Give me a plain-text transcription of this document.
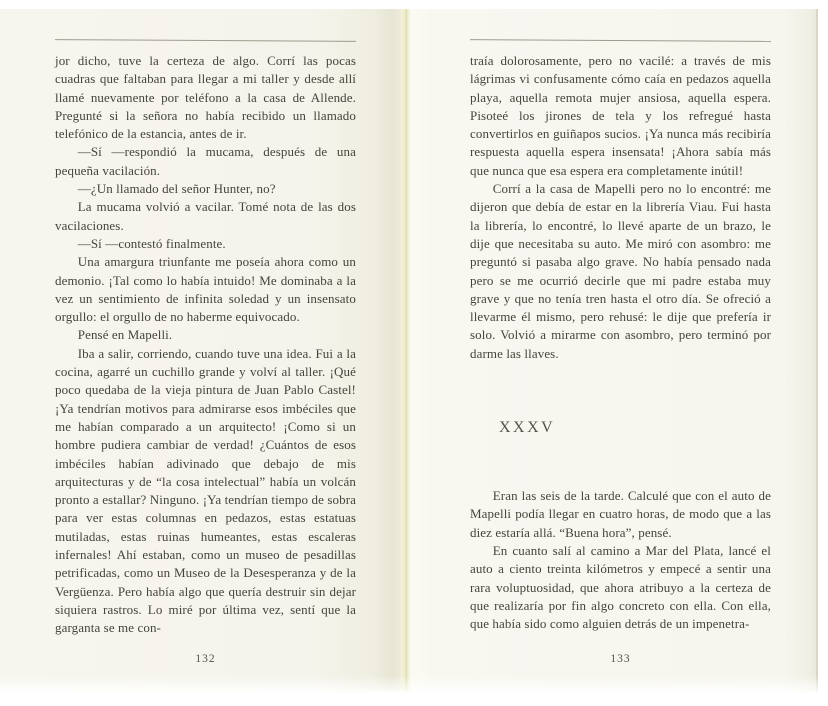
jor dicho, tuve la certeza de algo. Corrí las pocas cuadras que faltaban para llegar a mi taller y desde allí llamé nuevamente por teléfono a la casa de Allende. Pregunté si la señora no había recibido un llamado telefónico de la estancia, antes de ir.

—Sí —respondió la mucama, después de una pequeña vacilación.

—¿Un llamado del señor Hunter, no?

La mucama volvió a vacilar. Tomé nota de las dos vacilaciones.

—Sí —contestó finalmente.

Una amargura triunfante me poseía ahora como un demonio. ¡Tal como lo había intuido! Me dominaba a la vez un sentimiento de infinita soledad y un insensato orgullo: el orgullo de no haberme equivocado.

Pensé en Mapelli.

Iba a salir, corriendo, cuando tuve una idea. Fui a la cocina, agarré un cuchillo grande y volví al taller. ¡Qué poco quedaba de la vieja pintura de Juan Pablo Castel! ¡Ya tendrían motivos para admirarse esos imbéciles que me habían comparado a un arquitecto! ¡Como si un hombre pudiera cambiar de verdad! ¿Cuántos de esos imbéciles habían adivinado que debajo de mis arquitecturas y de “la cosa intelectual” había un volcán pronto a estallar? Ninguno. ¡Ya tendrían tiempo de sobra para ver estas columnas en pedazos, estas estatuas mutiladas, estas ruinas humeantes, estas escaleras infernales! Ahí estaban, como un museo de pesadillas petrificadas, como un Museo de la Desesperanza y de la Vergüenza. Pero había algo que quería destruir sin dejar siquiera rastros. Lo miré por última vez, sentí que la garganta se me con-

132

traía dolorosamente, pero no vacilé: a través de mis lágrimas vi confusamente cómo caía en pedazos aquella playa, aquella remota mujer ansiosa, aquella espera. Pisoteé los jirones de tela y los refregué hasta convertirlos en guiñapos sucios. ¡Ya nunca más recibiría respuesta aquella espera insensata! ¡Ahora sabía más que nunca que esa espera era completamente inútil!

Corrí a la casa de Mapelli pero no lo encontré: me dijeron que debía de estar en la librería Viau. Fui hasta la librería, lo encontré, lo llevé aparte de un brazo, le dije que necesitaba su auto. Me miró con asombro: me preguntó si pasaba algo grave. No había pensado nada pero se me ocurrió decirle que mi padre estaba muy grave y que no tenía tren hasta el otro día. Se ofreció a llevarme él mismo, pero rehusé: le dije que prefería ir solo. Volvió a mirarme con asombro, pero terminó por darme las llaves.

XXXV

Eran las seis de la tarde. Calculé que con el auto de Mapelli podía llegar en cuatro horas, de modo que a las diez estaría allá. “Buena hora”, pensé.

En cuanto salí al camino a Mar del Plata, lancé el auto a ciento treinta kilómetros y empecé a sentir una rara voluptuosidad, que ahora atribuyo a la certeza de que realizaría por fin algo concreto con ella. Con ella, que había sido como alguien detrás de un impenetra-

133
